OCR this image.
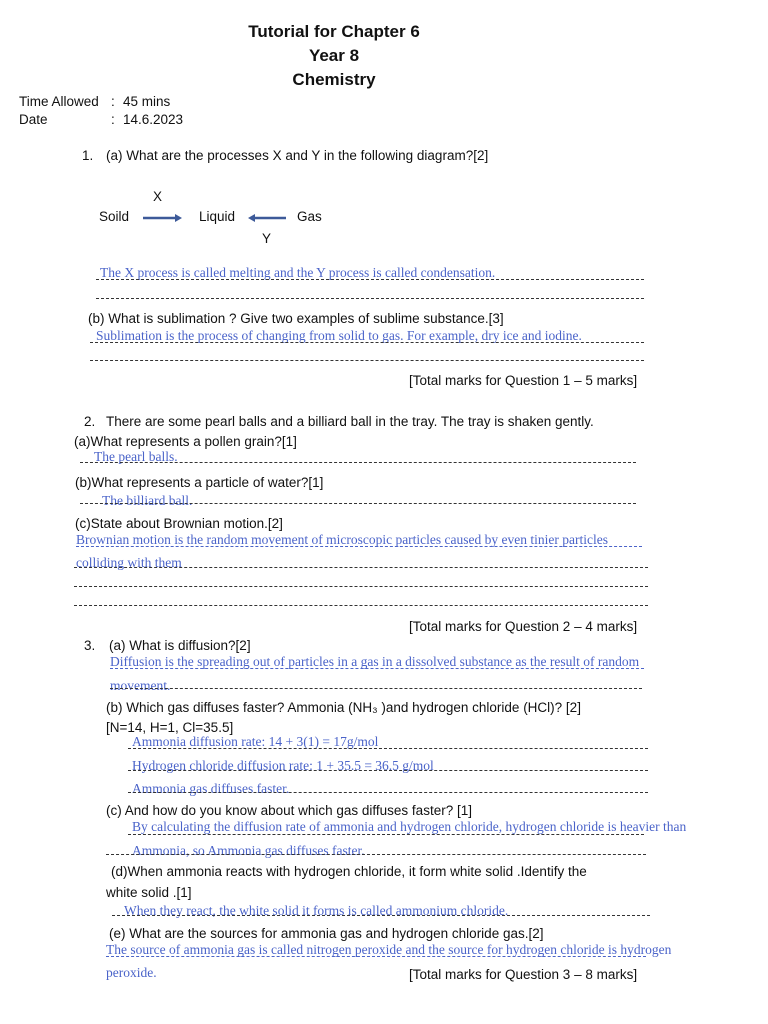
Tutorial for Chapter 6
Year 8
Chemistry
Time Allowed : 45 mins
Date	: 14.6.2023
1. (a) What are the processes X and Y in the following diagram?[2]
X
Soild	Liquid	Gas
Y
The X process is called melting and the Y process is called condensation.
(b) What is sublimation ? Give two examples of sublime substance.[3]
Sublimation is the process of changing from solid to gas. For example, dry ice and iodine.
[Total marks for Question 1 – 5 marks]
2. There are some pearl balls and a billiard ball in the tray. The tray is shaken gently.
(a)What represents a pollen grain?[1]
The pearl balls.
(b)What represents a particle of water?[1]
The billiard ball.
(c)State about Brownian motion.[2]
Brownian motion is the random movement of microscopic particles caused by even tinier particles
colliding with them
[Total marks for Question 2 – 4 marks]
3. (a) What is diffusion?[2]
Diffusion is the spreading out of particles in a gas in a dissolved substance as the result of random
movement.
(b) Which gas diffuses faster? Ammonia (NH₃ )and hydrogen chloride (HCl)? [2]
[N=14, H=1, Cl=35.5]
Ammonia diffusion rate: 14 + 3(1) = 17g/mol
Hydrogen chloride diffusion rate: 1 + 35.5 = 36.5 g/mol
Ammonia gas diffuses faster.
(c) And how do you know about which gas diffuses faster? [1]
By calculating the diffusion rate of ammonia and hydrogen chloride, hydrogen chloride is heavier than
Ammonia, so Ammonia gas diffuses faster.
(d)When ammonia reacts with hydrogen chloride, it form white solid .Identify the
white solid .[1]
When they react, the white solid it forms is called ammonium chloride.
(e) What are the sources for ammonia gas and hydrogen chloride gas.[2]
The source of ammonia gas is called nitrogen peroxide and the source for hydrogen chloride is hydrogen
peroxide.	[Total marks for Question 3 – 8 marks]
